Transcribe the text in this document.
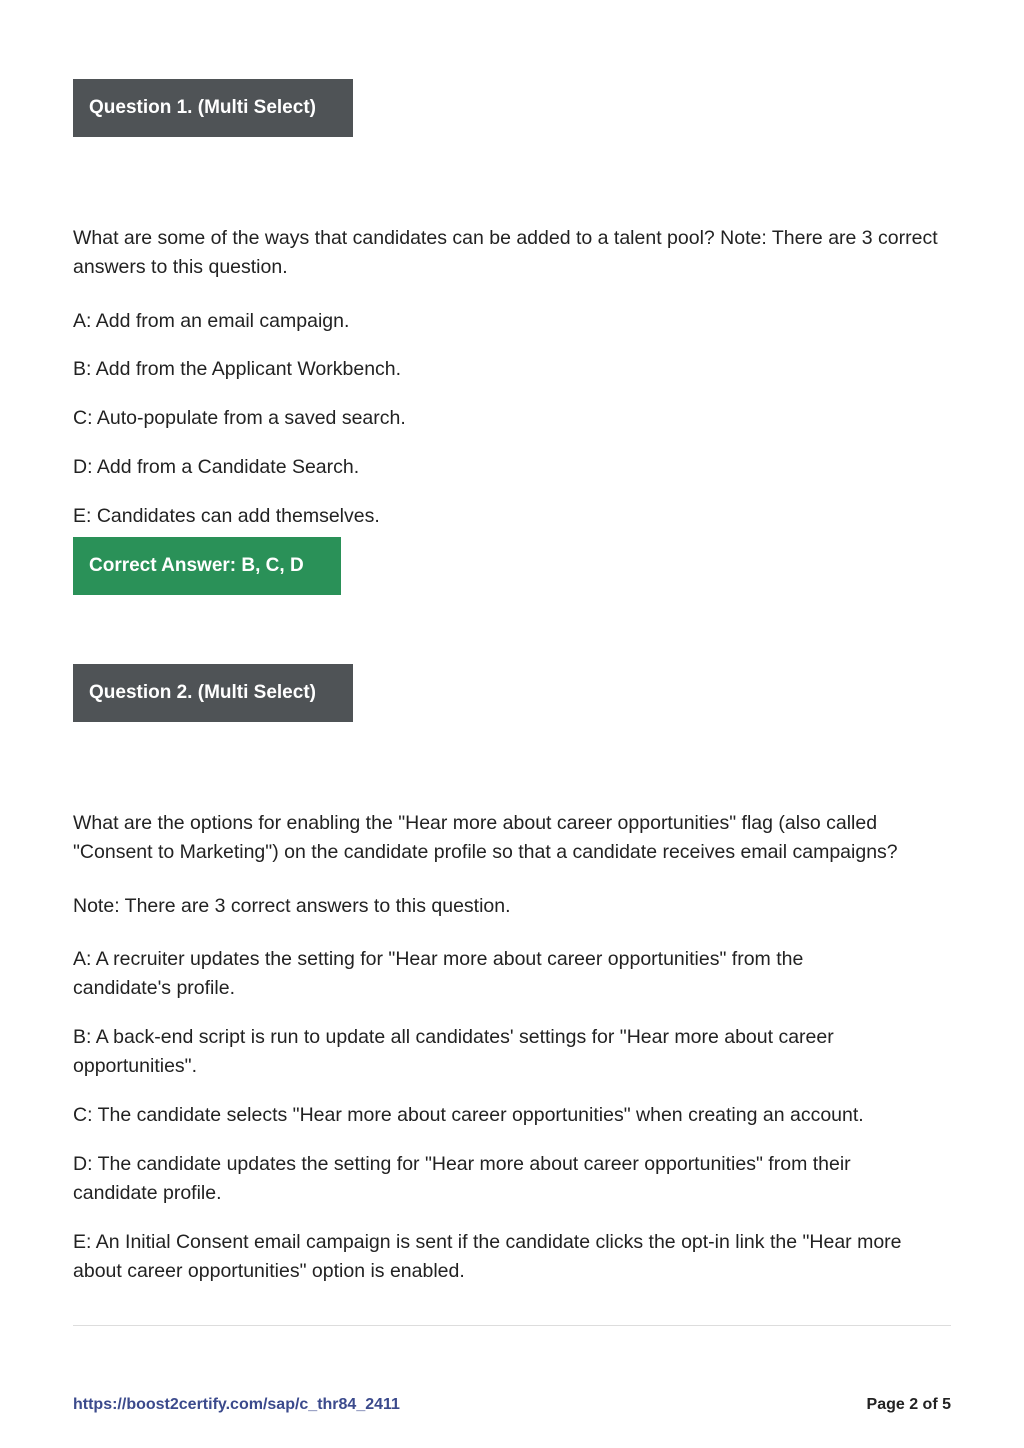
Question 1. (Multi Select)

What are some of the ways that candidates can be added to a talent pool? Note: There are 3 correct answers to this question.

A: Add from an email campaign.

B: Add from the Applicant Workbench.

C: Auto-populate from a saved search.

D: Add from a Candidate Search.

E: Candidates can add themselves.

Correct Answer: B, C, D
Question 2. (Multi Select)

What are the options for enabling the "Hear more about career opportunities" flag (also called "Consent to Marketing") on the candidate profile so that a candidate receives email campaigns?

Note: There are 3 correct answers to this question.

A: A recruiter updates the setting for "Hear more about career opportunities" from the candidate's profile.

B: A back-end script is run to update all candidates' settings for "Hear more about career opportunities".

C: The candidate selects "Hear more about career opportunities" when creating an account.

D: The candidate updates the setting for "Hear more about career opportunities" from their candidate profile.

E: An Initial Consent email campaign is sent if the candidate clicks the opt-in link the "Hear more about career opportunities" option is enabled.

https://boost2certify.com/sap/c_thr84_2411	Page 2 of 5
